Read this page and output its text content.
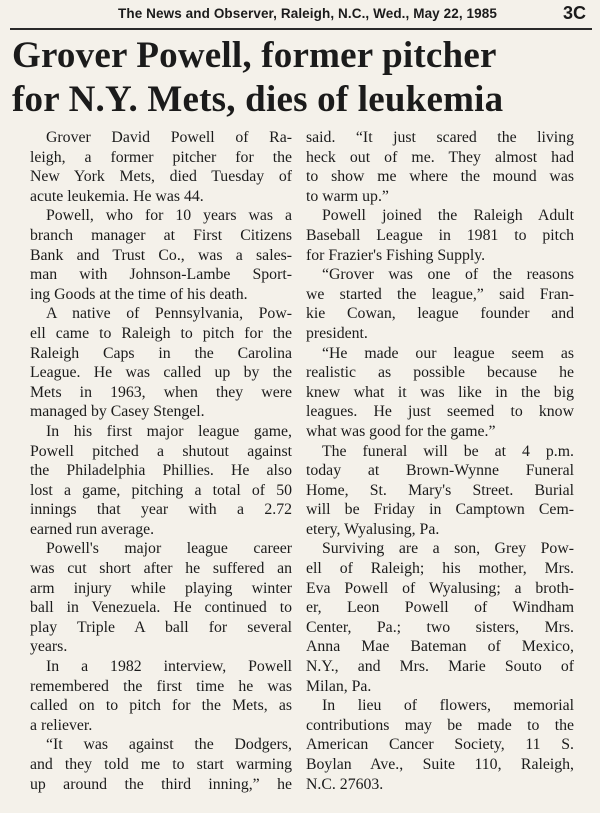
The News and Observer, Raleigh, N.C., Wed., May 22, 1985	3C
Grover Powell, former pitcher
for N.Y. Mets, dies of leukemia
Grover David Powell of Ra-
leigh, a former pitcher for the
New York Mets, died Tuesday of
acute leukemia. He was 44.
Powell, who for 10 years was a
branch manager at First Citizens
Bank and Trust Co., was a sales-
man with Johnson-Lambe Sport-
ing Goods at the time of his death.
A native of Pennsylvania, Pow-
ell came to Raleigh to pitch for the
Raleigh Caps in the Carolina
League. He was called up by the
Mets in 1963, when they were
managed by Casey Stengel.
In his first major league game,
Powell pitched a shutout against
the Philadelphia Phillies. He also
lost a game, pitching a total of 50
innings that year with a 2.72
earned run average.
Powell's major league career
was cut short after he suffered an
arm injury while playing winter
ball in Venezuela. He continued to
play Triple A ball for several
years.
In a 1982 interview, Powell
remembered the first time he was
called on to pitch for the Mets, as
a reliever.
“It was against the Dodgers,
and they told me to start warming
up around the third inning,” he
said. “It just scared the living
heck out of me. They almost had
to show me where the mound was
to warm up.”
Powell joined the Raleigh Adult
Baseball League in 1981 to pitch
for Frazier's Fishing Supply.
“Grover was one of the reasons
we started the league,” said Fran-
kie Cowan, league founder and
president.
“He made our league seem as
realistic as possible because he
knew what it was like in the big
leagues. He just seemed to know
what was good for the game.”
The funeral will be at 4 p.m.
today at Brown-Wynne Funeral
Home, St. Mary's Street. Burial
will be Friday in Camptown Cem-
etery, Wyalusing, Pa.
Surviving are a son, Grey Pow-
ell of Raleigh; his mother, Mrs.
Eva Powell of Wyalusing; a broth-
er, Leon Powell of Windham
Center, Pa.; two sisters, Mrs.
Anna Mae Bateman of Mexico,
N.Y., and Mrs. Marie Souto of
Milan, Pa.
In lieu of flowers, memorial
contributions may be made to the
American Cancer Society, 11 S.
Boylan Ave., Suite 110, Raleigh,
N.C. 27603.
